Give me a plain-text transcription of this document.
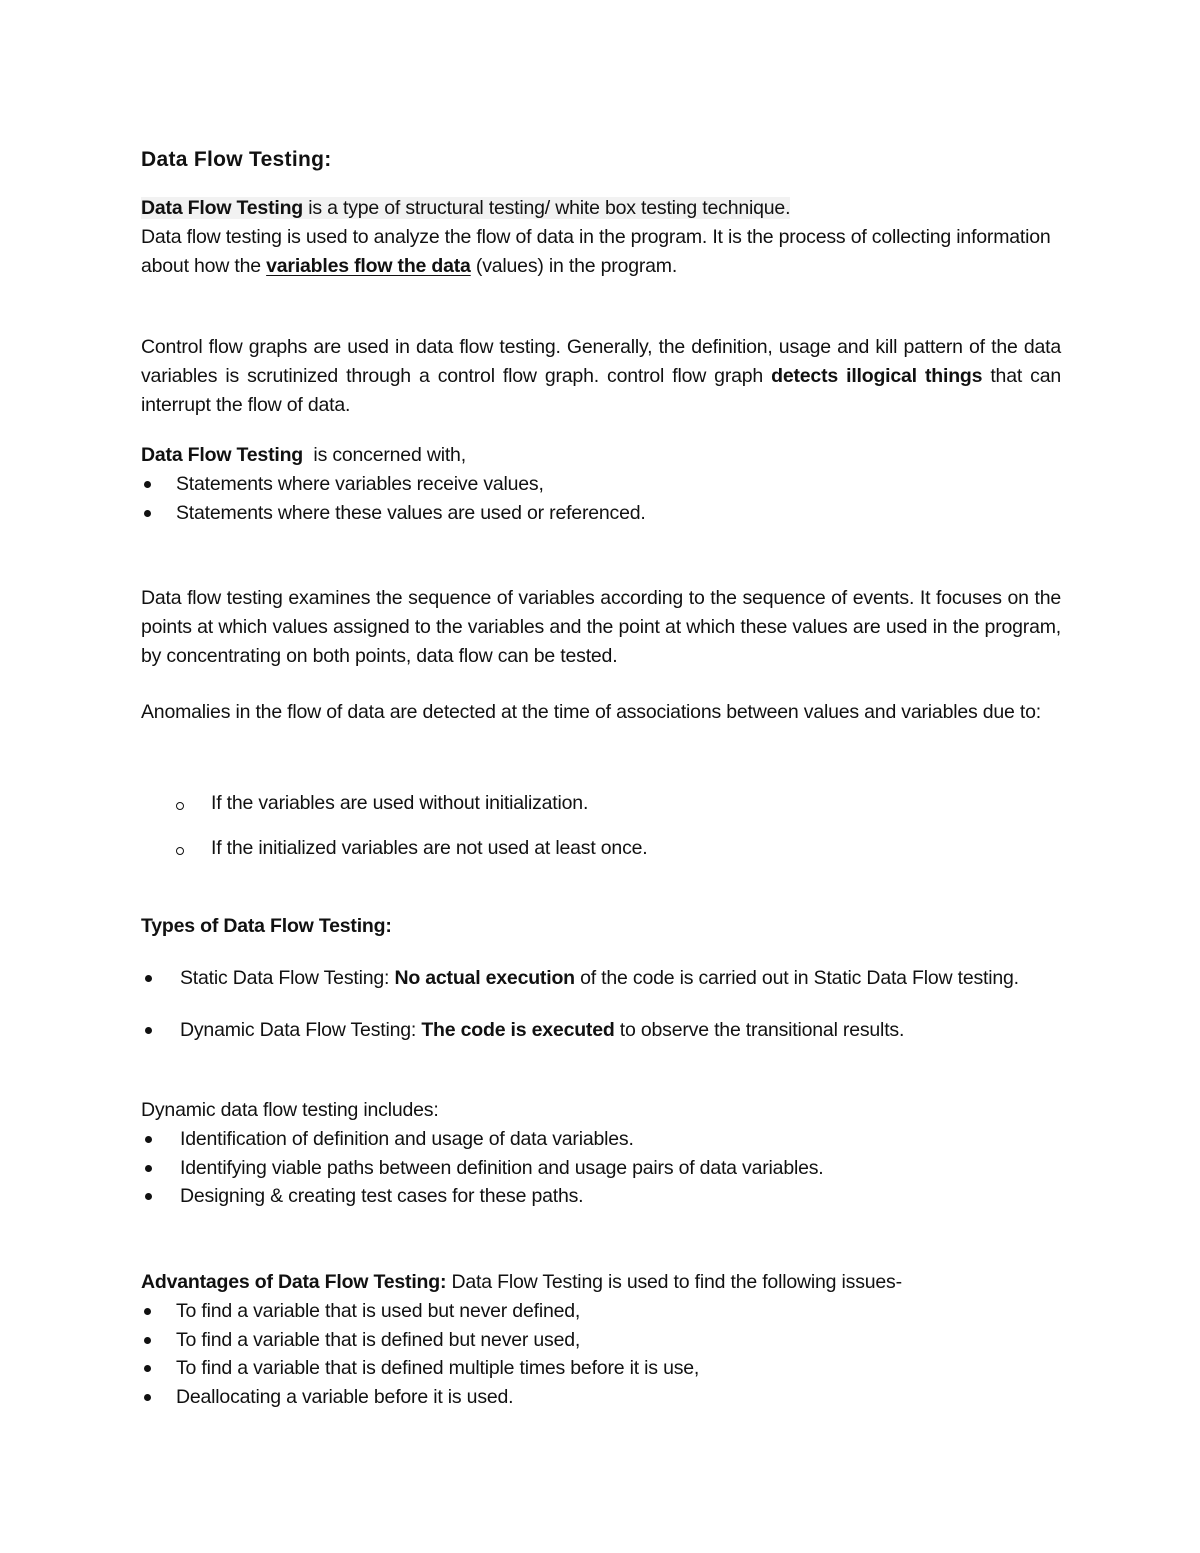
Data Flow Testing:

Data Flow Testing is a type of structural testing/ white box testing technique.
Data flow testing is used to analyze the flow of data in the program. It is the process of collecting information about how the variables flow the data (values) in the program.

Control flow graphs are used in data flow testing. Generally, the definition, usage and kill pattern of the data variables is scrutinized through a control flow graph. control flow graph detects illogical things that can interrupt the flow of data.

Data Flow Testing  is concerned with,
Statements where variables receive values,
Statements where these values are used or referenced.

Data flow testing examines the sequence of variables according to the sequence of events. It focuses on the points at which values assigned to the variables and the point at which these values are used in the program, by concentrating on both points, data flow can be tested.

Anomalies in the flow of data are detected at the time of associations between values and variables due to:

If the variables are used without initialization.
If the initialized variables are not used at least once.
Types of Data Flow Testing:
Static Data Flow Testing: No actual execution of the code is carried out in Static Data Flow testing.
Dynamic Data Flow Testing: The code is executed to observe the transitional results.
Dynamic data flow testing includes:
Identification of definition and usage of data variables.
Identifying viable paths between definition and usage pairs of data variables.
Designing & creating test cases for these paths.
Advantages of Data Flow Testing: Data Flow Testing is used to find the following issues-
To find a variable that is used but never defined,
To find a variable that is defined but never used,
To find a variable that is defined multiple times before it is use,
Deallocating a variable before it is used.
